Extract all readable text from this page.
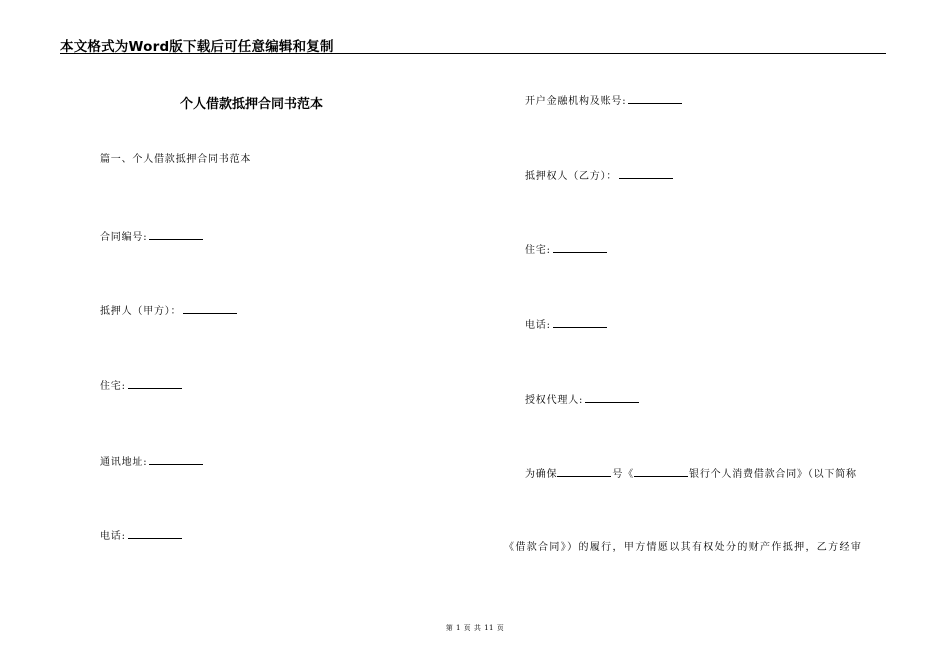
本文格式为Word版下载后可任意编辑和复制
个人借款抵押合同书范本
篇一、个人借款抵押合同书范本
合同编号:
抵押人（甲方）：
住宅:
通讯地址:
电话:
开户金融机构及账号:
抵押权人（乙方）：
住宅:
电话:
授权代理人:
为确保	号《	银行个人消费借款合同》（以下简称
《借款合同》）的履行，甲方情愿以其有权处分的财产作抵押，乙方经审
第 1 页 共 11 页
